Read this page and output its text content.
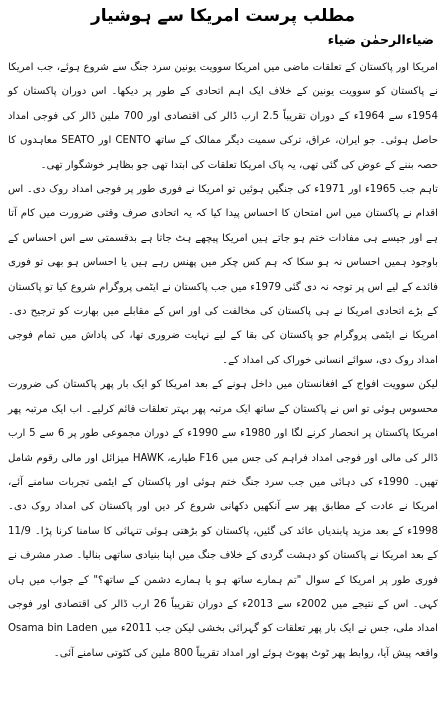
مطلب پرست امریکا سے ہوشیار
ضیاءالرحمٰن ضیاء

امریکا اور پاکستان کے تعلقات ماضی میں امریکا سوویت یونین سرد جنگ سے شروع ہوئے، جب امریکا نے پاکستان کو سوویت یونین کے خلاف ایک اہم اتحادی کے طور پر دیکھا۔ اس دوران پاکستان کو 1954ء سے 1964ء کے دوران تقریباً 2.5 ارب ڈالر کی اقتصادی اور 700 ملین ڈالر کی فوجی امداد حاصل ہوئی۔ جو ایران، عراق، ترکی سمیت دیگر ممالک کے ساتھ CENTO اور SEATO معاہدوں کا حصہ بننے کے عوض کی گئی تھی، یہ پاک امریکا تعلقات کی ابتدا تھی جو بظاہر خوشگوار تھی۔

تاہم جب 1965ء اور 1971ء کی جنگیں ہوئیں تو امریکا نے فوری طور پر فوجی امداد روک دی۔ اس اقدام نے پاکستان میں اس امتحان کا احساس پیدا کیا کہ یہ اتحادی صرف وقتی ضرورت میں کام آتا ہے اور جیسے ہی مفادات ختم ہو جاتے ہیں امریکا پیچھے ہٹ جاتا ہے بدقسمتی سے اس احساس کے باوجود ہمیں احساس نہ ہو سکا کہ ہم کس چکر میں پھنس رہے ہیں یا احساس ہو بھی تو فوری فائدے کے لیے اس پر توجہ نہ دی گئی 1979ء میں جب پاکستان نے ایٹمی پروگرام شروع کیا تو پاکستان کے بڑے اتحادی امریکا نے ہی پاکستان کی مخالفت کی اور اس کے مقابلے میں بھارت کو ترجیح دی۔ امریکا نے ایٹمی پروگرام جو پاکستان کی بقا کے لیے نہایت ضروری تھا، کی پاداش میں تمام فوجی امداد روک دی، سوائے انسانی خوراک کی امداد کے۔

لیکن سوویت افواج کے افغانستان میں داخل ہونے کے بعد امریکا کو ایک بار پھر پاکستان کی ضرورت محسوس ہوئی تو اس نے پاکستان کے ساتھ ایک مرتبہ پھر بہتر تعلقات قائم کرلیے۔ اب ایک مرتبہ پھر امریکا پاکستان پر انحصار کرنے لگا اور 1980ء سے 1990ء کے دوران مجموعی طور پر 6 سے 5 ارب ڈالر کی مالی اور فوجی امداد فراہم کی جس میں F16 طیارے، HAWK میزائل اور مالی رقوم شامل تھیں۔ 1990ء کی دہائی میں جب سرد جنگ ختم ہوئی اور پاکستان کے ایٹمی تجربات سامنے آئے، امریکا نے عادت کے مطابق پھر سے آنکھیں دکھانی شروع کر دیں اور پاکستان کی امداد روک دی۔ 1998ء کے بعد مزید پابندیاں عائد کی گئیں، پاکستان کو بڑھتی ہوئی تنہائی کا سامنا کرنا پڑا۔ 11/9 کے بعد امریکا نے پاکستان کو دہشت گردی کے خلاف جنگ میں اپنا بنیادی ساتھی بنالیا۔ صدر مشرف نے فوری طور پر امریکا کے سوال "تم ہمارے ساتھ ہو یا ہمارے دشمن کے ساتھ؟" کے جواب میں ہاں کہی۔ اس کے نتیجے میں 2002ء سے 2013ء کے دوران تقریباً 26 ارب ڈالر کی اقتصادی اور فوجی امداد ملی، جس نے ایک بار پھر تعلقات کو گہرائی بخشی لیکن جب 2011ء میں Osama bin Laden واقعہ پیش آیا، روابط پھر ٹوٹ پھوٹ ہوئے اور امداد تقریباً 800 ملین کی کٹوتی سامنے آئی۔
